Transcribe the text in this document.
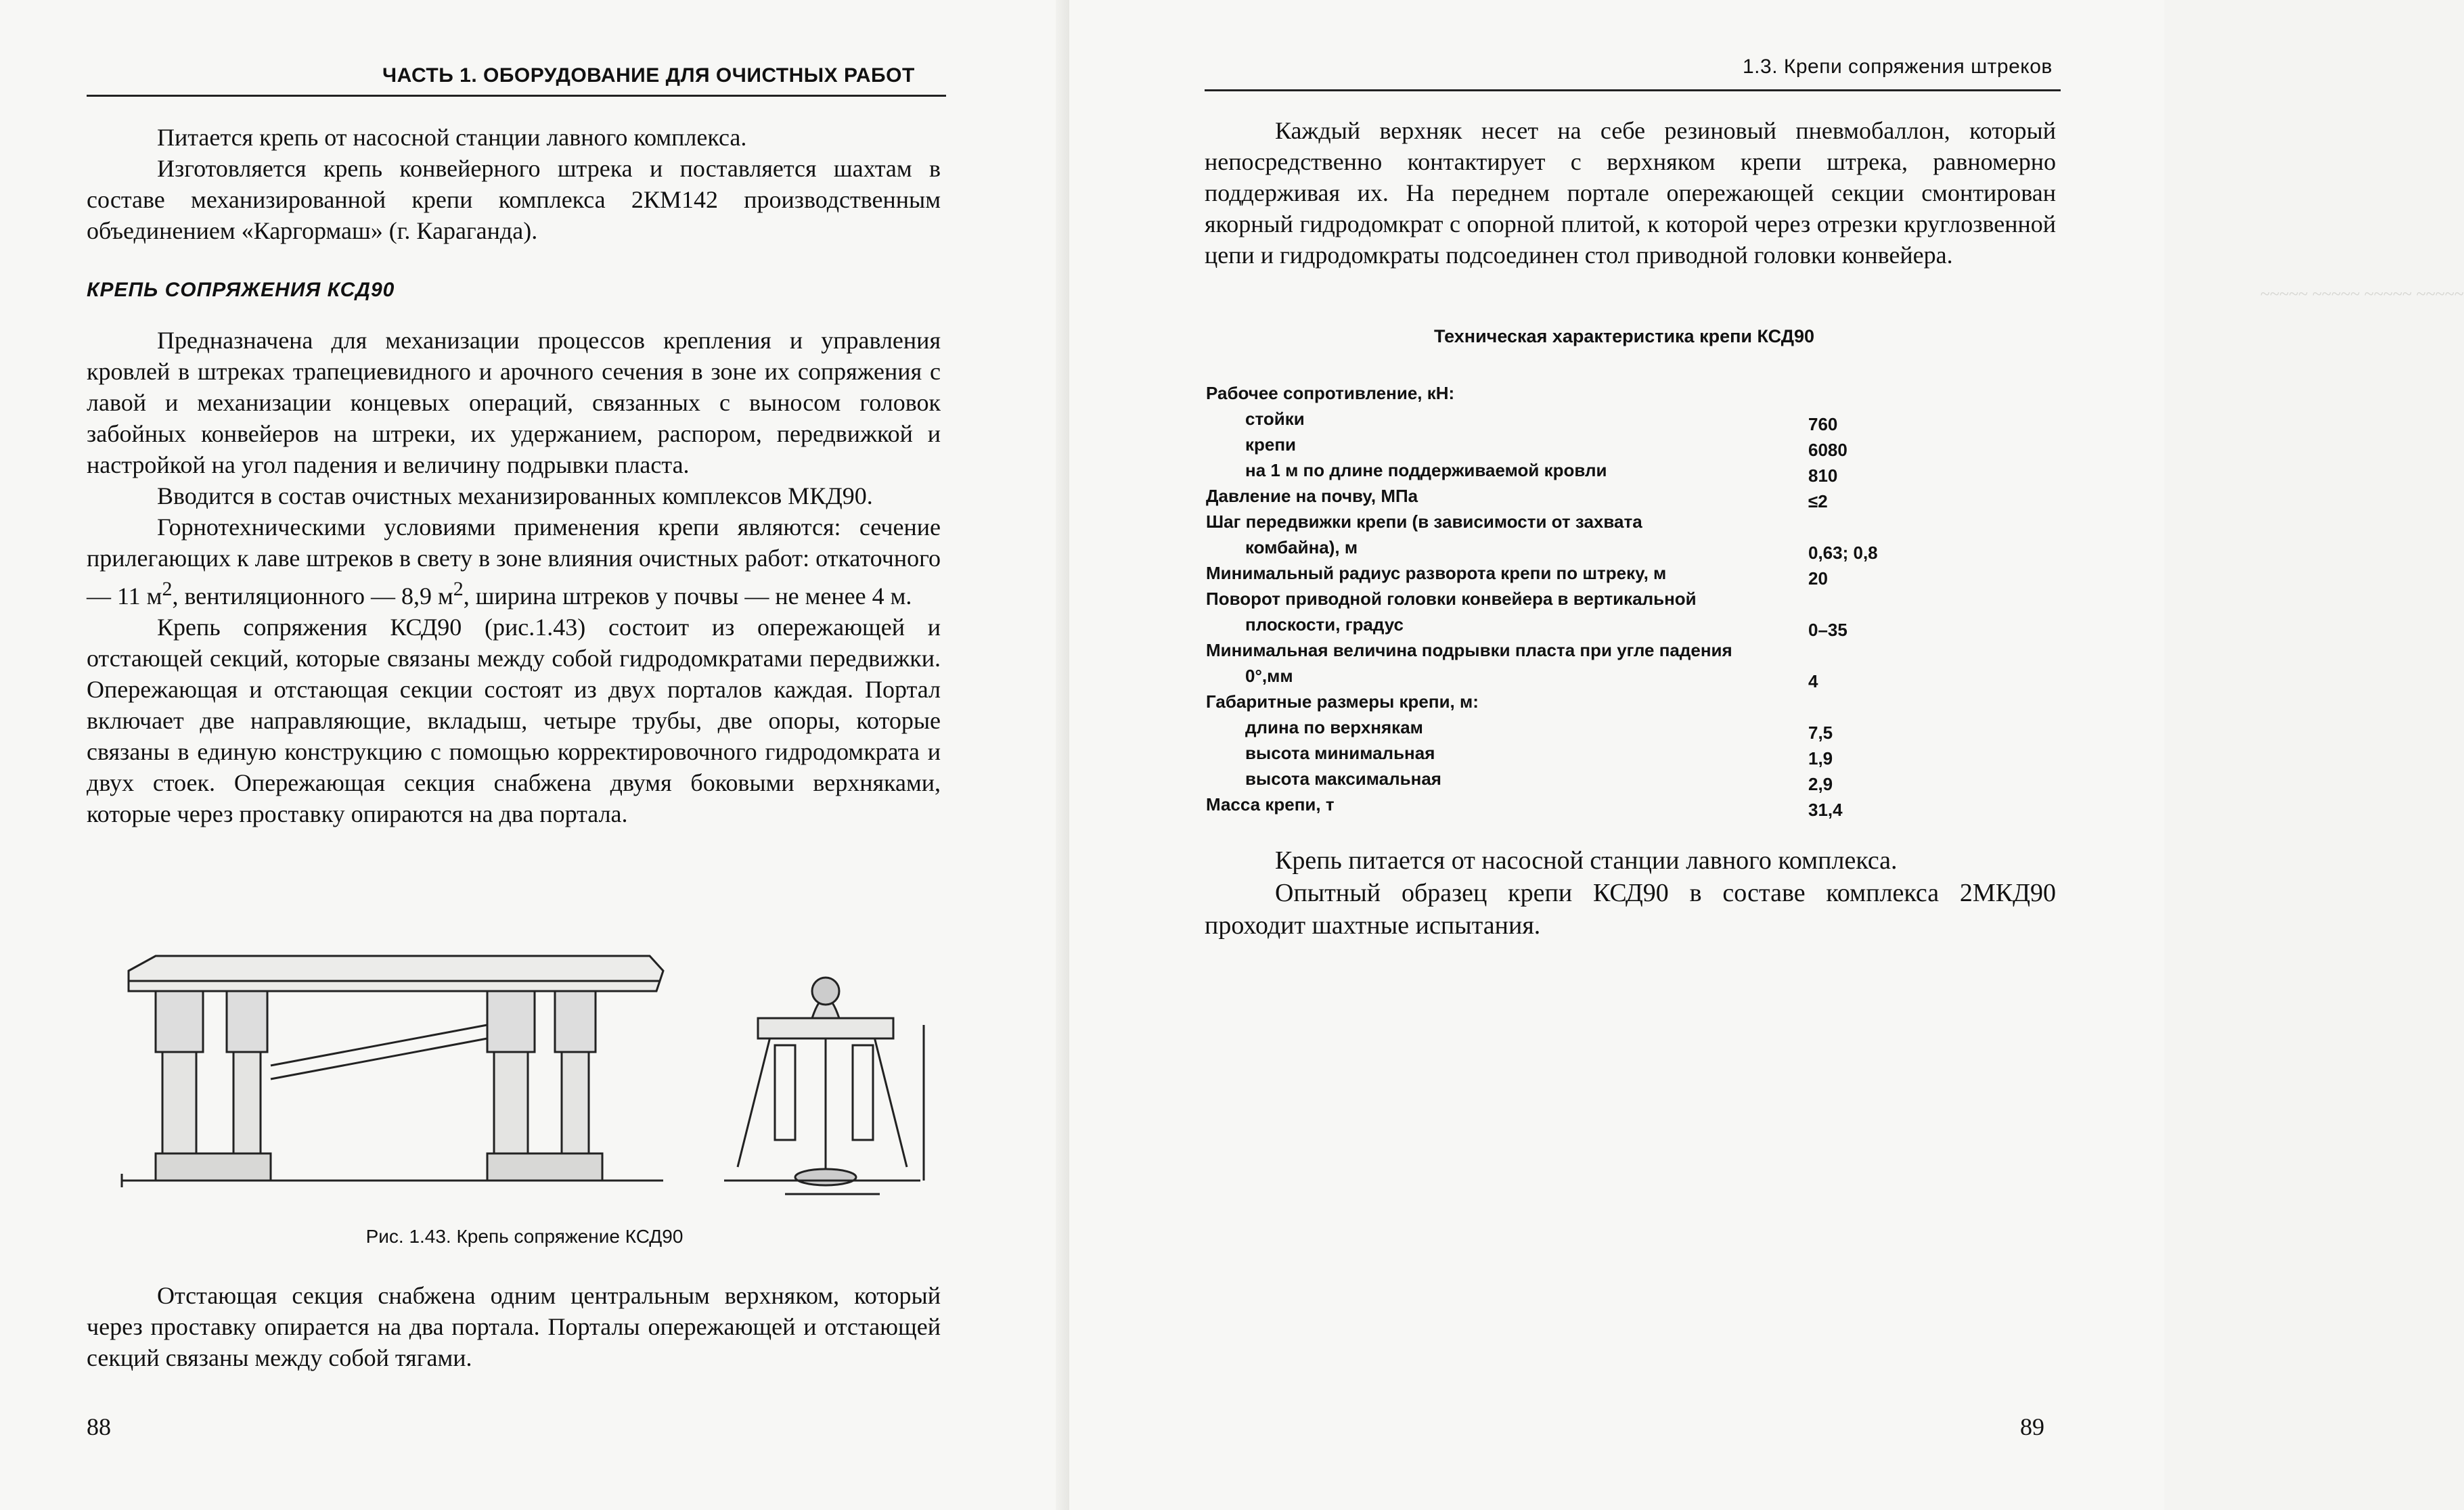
ЧАСТЬ 1. ОБОРУДОВАНИЕ ДЛЯ ОЧИСТНЫХ РАБОТ

Питается крепь от насосной станции лавного комплекса.

Изготовляется крепь конвейерного штрека и поставляется шахтам в составе механизированной крепи комплекса 2КМ142 производственным объединением «Каргормаш» (г. Караганда).

КРЕПЬ СОПРЯЖЕНИЯ КСД90

Предназначена для механизации процессов крепления и управления кровлей в штреках трапециевидного и арочного сечения в зоне их сопряжения с лавой и механизации концевых операций, связанных с выносом головок забойных конвейеров на штреки, их удержанием, распором, передвижкой и настройкой на угол падения и величину подрывки пласта.

Вводится в состав очистных механизированных комплексов МКД90.

Горнотехническими условиями применения крепи являются: сечение прилегающих к лаве штреков в свету в зоне влияния очистных работ: откаточного — 11 $м^2$, вентиляционного — 8,9 $м^2$, ширина штреков у почвы — не менее 4 м.

Крепь сопряжения КСД90 (рис.1.43) состоит из опережающей и отстающей секций, которые связаны между собой гидродомкратами передвижки. Опережающая и отстающая секции состоят из двух порталов каждая. Портал включает две направляющие, вкладыш, четыре трубы, две опоры, которые связаны в единую конструкцию с помощью корректировочного гидродомкрата и двух стоек. Опережающая секция снабжена двумя боковыми верхняками, которые через проставку опираются на два портала.

Рис. 1.43. Крепь сопряжение КСД90

Отстающая секция снабжена одним центральным верхняком, который через проставку опирается на два портала. Порталы опережающей и отстающей секций связаны между собой тягами.

88
1.3. Крепи сопряжения штреков

Каждый верхняк несет на себе резиновый пневмобаллон, который непосредственно контактирует с верхняком крепи штрека, равномерно поддерживая их. На переднем портале опережающей секции смонтирован якорный гидродомкрат с опорной плитой, к которой через отрезки круглозвенной цепи и гидродомкраты подсоединен стол приводной головки конвейера.

~~~~~ ~~~~~ ~~~~~ ~~~~~
Техническая характеристика крепи КСД90
Рабочее сопротивление, кН:
стойки	760
крепи	6080
на 1 м по длине поддерживаемой кровли	810
Давление на почву, МПа	≤2
Шаг передвижки крепи (в зависимости от захвата
комбайна), м	0,63; 0,8
Минимальный радиус разворота крепи по штреку, м	20
Поворот приводной головки конвейера в вертикальной
плоскости, градус	0–35
Минимальная величина подрывки пласта при угле падения
0°,мм	4
Габаритные размеры крепи, м:
длина по верхнякам	7,5
высота минимальная	1,9
высота максимальная	2,9
Масса крепи, т	31,4

Крепь питается от насосной станции лавного комплекса.

Опытный образец крепи КСД90 в составе комплекса 2МКД90 проходит шахтные испытания.

89
